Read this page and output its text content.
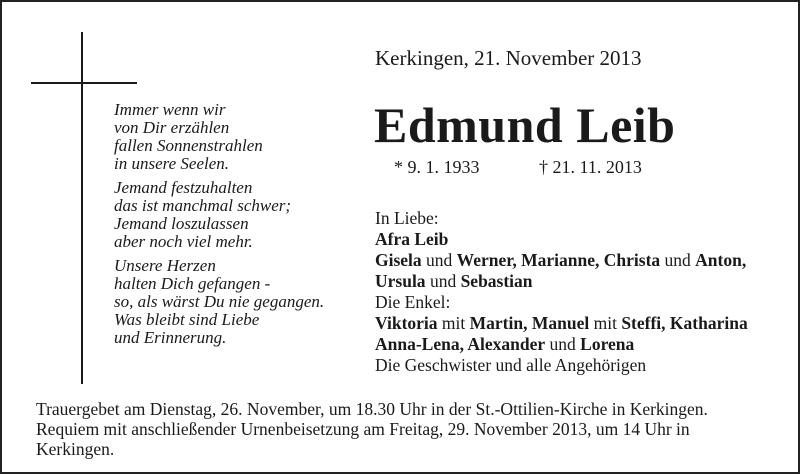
Kerkingen, 21. November 2013
Edmund Leib
* 9. 1. 1933	† 21. 11. 2013
Immer wenn wir
von Dir erzählen
fallen Sonnenstrahlen
in unsere Seelen.
Jemand festzuhalten
das ist manchmal schwer;
Jemand loszulassen
aber noch viel mehr.
Unsere Herzen
halten Dich gefangen -
so, als wärst Du nie gegangen.
Was bleibt sind Liebe
und Erinnerung.
In Liebe:
Afra Leib
Gisela und Werner, Marianne, Christa und Anton,
Ursula und Sebastian
Die Enkel:
Viktoria mit Martin, Manuel mit Steffi, Katharina
Anna-Lena, Alexander und Lorena
Die Geschwister und alle Angehörigen
Trauergebet am Dienstag, 26. November, um 18.30 Uhr in der St.-Ottilien-Kirche in Kerkingen.
Requiem mit anschließender Urnenbeisetzung am Freitag, 29. November 2013, um 14 Uhr in
Kerkingen.
